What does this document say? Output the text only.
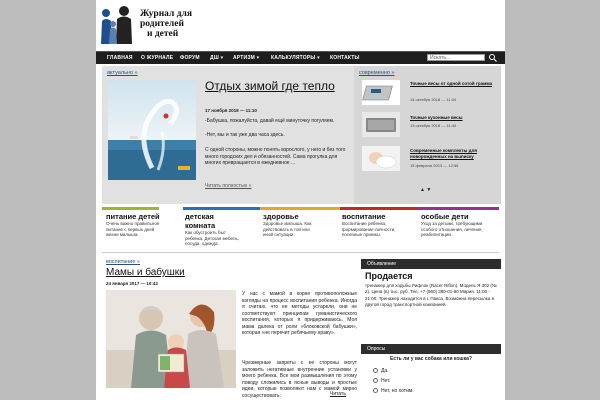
Журнал для
родителей
и детей
ГЛАВНАЯ О ЖУРНАЛЕ ФОРУМ ДШ ▾ АРТИЗМ ▾ КАЛЬКУЛЯТОРЫ ▾ КОНТАКТЫ	Искать...
актуально »
Отдых зимой где тепло
17 ноября 2018 — 11:10
-Бабушка, пожалуйста, давай ещё минуточку погуляем.
-Нет, мы и так уже два часа здесь.
С одной стороны, можно понять взрослого, у него и без того много городских дел и обязанностей. Сама прогулка для многих превращается в ежедневное ...
Читать полностью »
современно »
Точные весы от одной сотой грамма
14 октября 2018 — 11:04
Точные кухонные весы
13 октября 2018 — 11:44
Современные комплекты для новорожденных на выписку
15 февраля 2013 — 12:55
▲ ▼
питание детей
Очень важно правильное питание с первых дней жизни малыша.
детская комната
Как обустроить быт ребенка. Детская мебель, посуда, одежда.
здоровье
Здоровье малыша. Как действовать в той или иной ситуации.
воспитание
Воспитание ребенка, формирование личности, полезные приемы.
особые дети
Уход за детьми, требующими особого отношения, лечения, реабилитации.
воспитание »
Мамы и бабушки
24 января 2017 — 10:42
У нас с мамой в корне противоположные взгляды на процесс воспитания ребенка. Иногда я считаю, что ее методы устарели, они не соответствуют принципам гуманистического воспитания, которых я придерживаюсь. Моя мама далека от роли «блоковской бабушки», которая «не перечит ребячьему нраву».
Чрезмерные запреты с ее стороны могут заложить негативные внутренние установки у моего ребенка. Все мои размышления по этому поводу сложились в ясные выводы и простые идеи, которые позволяют нам с мамой мирно сосуществовать:	Читать
Объявление
Продается
тренажер для ходьбы Рифлок (Racer Riflon). Модель Я 302 (№ 2). Цена (в) тыс. руб. Тел. +7 (960) 380-01-80 Мария. 11:00 - 21:00. Тренажер находится в г. Пакса, Возможна пересылка в другой город транспортной компанией.
Опросы
Есть ли у вас собака или кошка?
Да.
Нет.
Нет, но хотим.
